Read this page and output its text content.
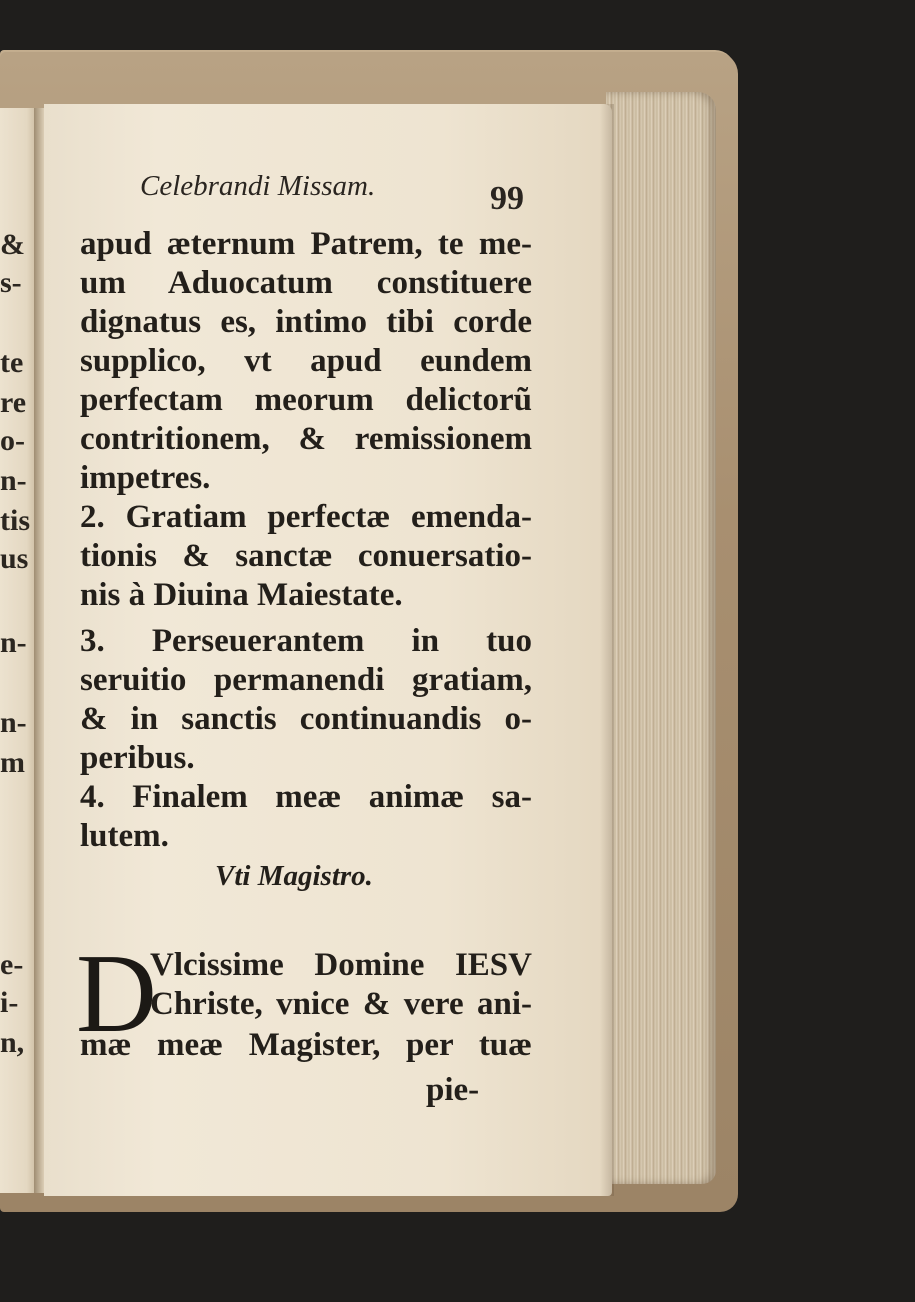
&
s-
te
re
o-
n-
tis
us
n-
n-
m
e-
i-
n,
Celebrandi Missam.	99
apud æternum Patrem, te me-
um Aduocatum constituere
dignatus es, intimo tibi corde
supplico, vt apud eundem
perfectam meorum delictorũ
contritionem, & remissionem
impetres.
2. Gratiam perfectæ emenda-
tionis & sanctæ conuersatio-
nis à Diuina Maiestate.
3. Perseuerantem in tuo
seruitio permanendi gratiam,
& in sanctis continuandis o-
peribus.
4. Finalem meæ animæ sa-
lutem.
Vti Magistro.
D
Vlcissime Domine IESV
Christe, vnice & vere ani-
mæ meæ Magister, per tuæ
pie-
